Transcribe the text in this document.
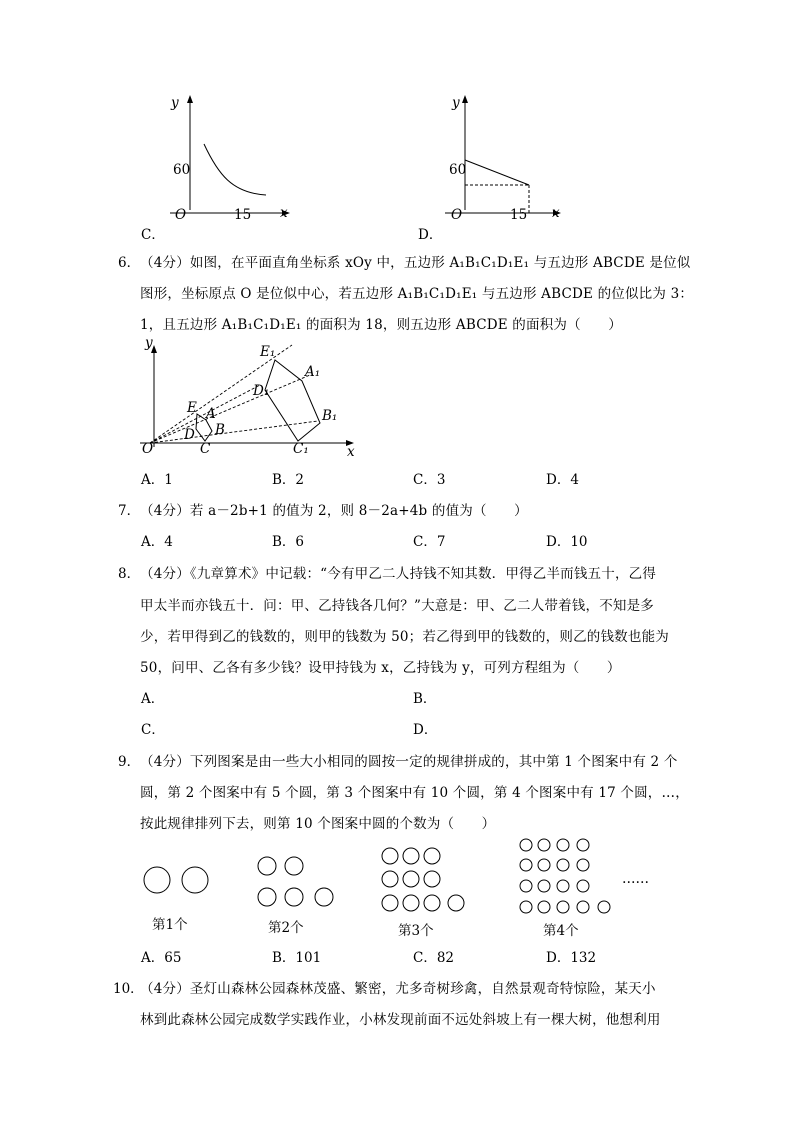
y
60
O	15 x
C．
y
60
O	15 x
D．
6． （4分）如图，在平面直角坐标系 xOy 中，五边形 A₁B₁C₁D₁E₁ 与五边形 ABCDE 是位似
图形，坐标原点 O 是位似中心，若五边形 A₁B₁C₁D₁E₁ 与五边形 ABCDE 的位似比为 3：
1，且五边形 A₁B₁C₁D₁E₁ 的面积为 18，则五边形 ABCDE 的面积为（　　）
y
E₁
A₁
D₁
B₁
E A
D B
O	C	C₁	x
A．1	B．2	C．3	D．4
7． （4分）若 a－2b+1 的值为 2，则 8－2a+4b 的值为（　　）
A．4	B．6	C．7	D．10
8． （4分）《九章算术》中记载：“今有甲乙二人持钱不知其数．甲得乙半而钱五十，乙得
甲太半而亦钱五十．问：甲、乙持钱各几何？”大意是：甲、乙二人带着钱，不知是多
少，若甲得到乙的钱数的，则甲的钱数为 50；若乙得到甲的钱数的，则乙的钱数也能为
50，问甲、乙各有多少钱？设甲持钱为 x，乙持钱为 y，可列方程组为（　　）
A．	B．
C．	D．
9． （4分）下列图案是由一些大小相同的圆按一定的规律拼成的，其中第 1 个图案中有 2 个
圆，第 2 个图案中有 5 个圆，第 3 个图案中有 10 个圆，第 4 个图案中有 17 个圆，…，
按此规律排列下去，则第 10 个图案中圆的个数为（　　）
……
第1个	第2个	第3个	第4个
A．65	B．101	C．82	D．132
10．
（4分）圣灯山森林公园森林茂盛、繁密，尤多奇树珍禽，自然景观奇特惊险，某天小
林到此森林公园完成数学实践作业，小林发现前面不远处斜坡上有一棵大树，他想利用
